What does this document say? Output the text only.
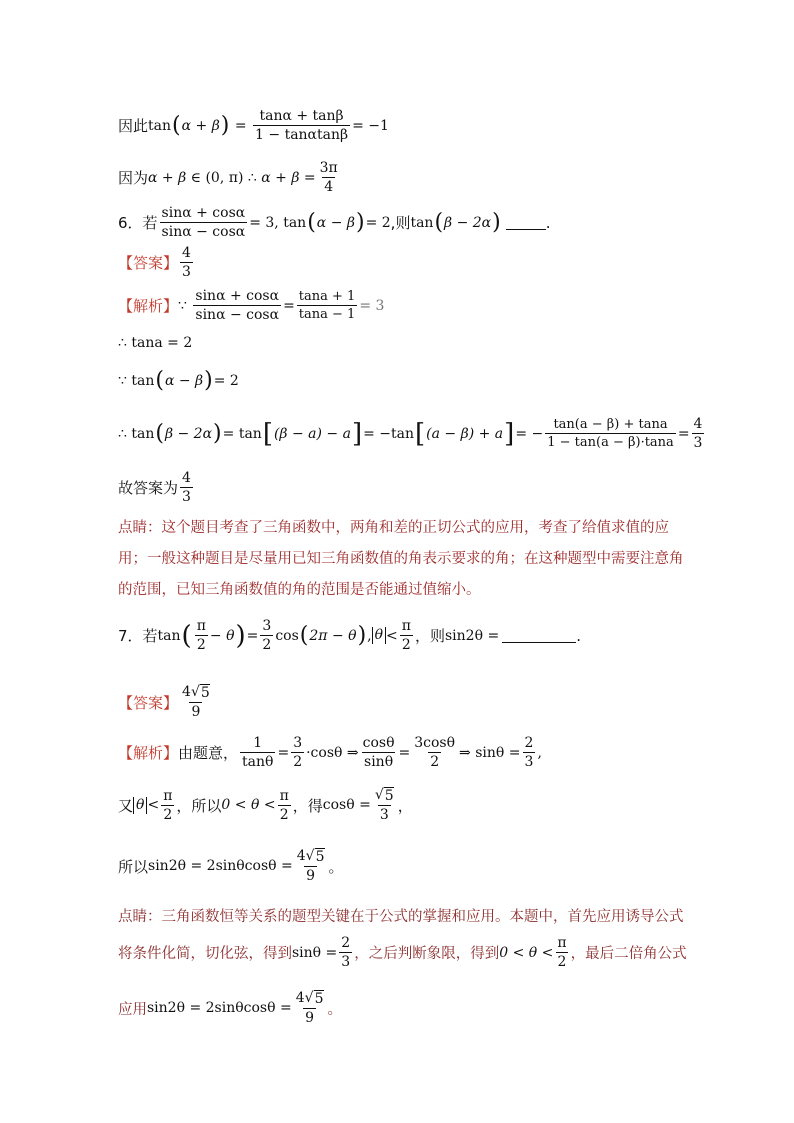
因此 tan ( α + β ) = $\frac{\tan\alpha + \tan\beta}{1 - \tan\alpha\tan\beta} = -1$
因为 α + β ∈
(0, π)
∴
$\alpha + \beta = \frac{3\pi}{4}$
6．若 $\frac{\sin\alpha + \cos\alpha}{\sin\alpha - \cos\alpha} = 3$, tan ( α − β ) = 2 ,则 tan ( β − 2α )	.
【答案】 $\frac{4}{3}$
【解析】 ∵
$\frac{\sin\alpha + \cos\alpha}{\sin\alpha - \cos\alpha} = \frac{\tan a + 1}{\tan a - 1} = 3$
∴ tana = 2
∵ tan ( α − β ) = 2
∴ tan ( β − 2α ) = tan [ (β − a) − a ] = −tan [ (a − β) + a ] = − $\frac{\tan(a - \beta) + \tan a}{1 - \tan(a - \beta)\cdot\tan a} = \frac{4}{3}$
故答案为 $\frac{4}{3}$
点睛：这个题目考查了三角函数中，两角和差的正切公式的应用，考查了给值求值的应用；一般这种题目是尽量用已知三角函数值的角表示要求的角；在这种题型中需要注意角的范围，已知三角函数值的角的范围是否能通过值缩小。
7．若 tan ( $\frac{\pi}{2} - \theta$ ) = $\frac{3}{2}$ cos ( 2π − θ ) , $\theta < \frac{\pi}{2}$ ，则 sin2θ =	.
【答案】 $\frac{4 √ 5}{9}$
【解析】 由题意， $\frac{1}{\tan\theta} = \frac{3}{2} \cdot\cos\theta$ ⇒ $\frac{\cos\theta}{\sin\theta} = \frac{3\cos\theta}{2}$ ⇒ $\sin\theta = \frac{2}{3}$ ,
又 $\theta < \frac{\pi}{2}$ ，所以 $0 < \theta < \frac{\pi}{2}$ ，得 $\cos\theta = \frac{√ 5}{3}$ ，
所以 $\sin 2\theta = 2\sin\theta\cos\theta = \frac{4 √ 5}{9}$ 。
点睛：三角函数恒等关系的题型关键在于公式的掌握和应用。本题中，首先应用诱导公式
将条件化简，切化弦，得到 $\sin\theta = \frac{2}{3}$ ，之后判断象限，得到 $0 < \theta < \frac{\pi}{2}$ ，最后二倍角公式
应用 $\sin 2\theta = 2\sin\theta\cos\theta = \frac{4 √ 5}{9}$ 。
